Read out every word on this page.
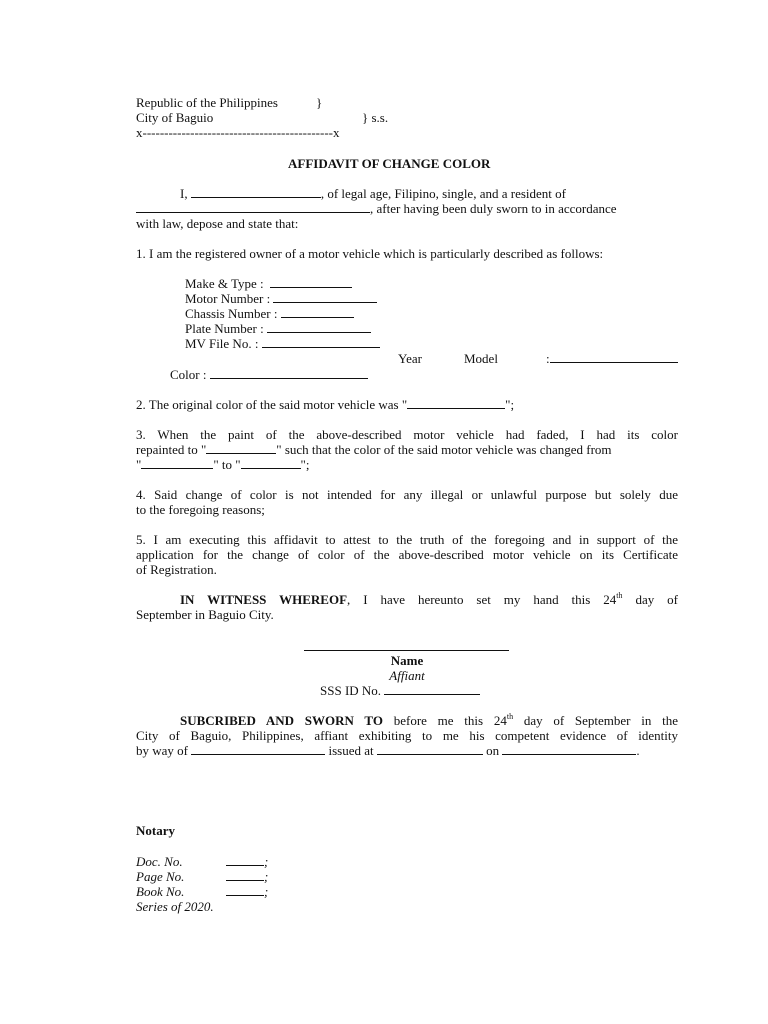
Republic of the Philippines	}
City of Baguio	} s.s.
x--------------------------------------------x
AFFIDAVIT OF CHANGE COLOR
I,	, of legal age, Filipino, single, and a resident of
, after having been duly sworn to in accordance
with law, depose and state that:
1. I am the registered owner of a motor vehicle which is particularly described as follows:
Make & Type :
Motor Number :
Chassis Number :
Plate Number :
MV File No. :
Year	Model	:
Color :
2. The original color of the said motor vehicle was "	";
3. When the paint of the above-described motor vehicle had faded, I had its color
repainted to "	" such that the color of the said motor vehicle was changed from
"	" to "	";
4. Said change of color is not intended for any illegal or unlawful purpose but solely due
to the foregoing reasons;
5. I am executing this affidavit to attest to the truth of the foregoing and in support of the
application for the change of color of the above-described motor vehicle on its Certificate
of Registration.
IN WITNESS WHEREOF, I have hereunto set my hand this 24th day of
September in Baguio City.
Name
Affiant
SSS ID No.
SUBCRIBED AND SWORN TO before me this 24th day of September in the
City of Baguio, Philippines, affiant exhibiting to me his competent evidence of identity
by way of	issued at	on	.
Notary
Doc. No.	;
Page No.	;
Book No.	;
Series of 2020.
